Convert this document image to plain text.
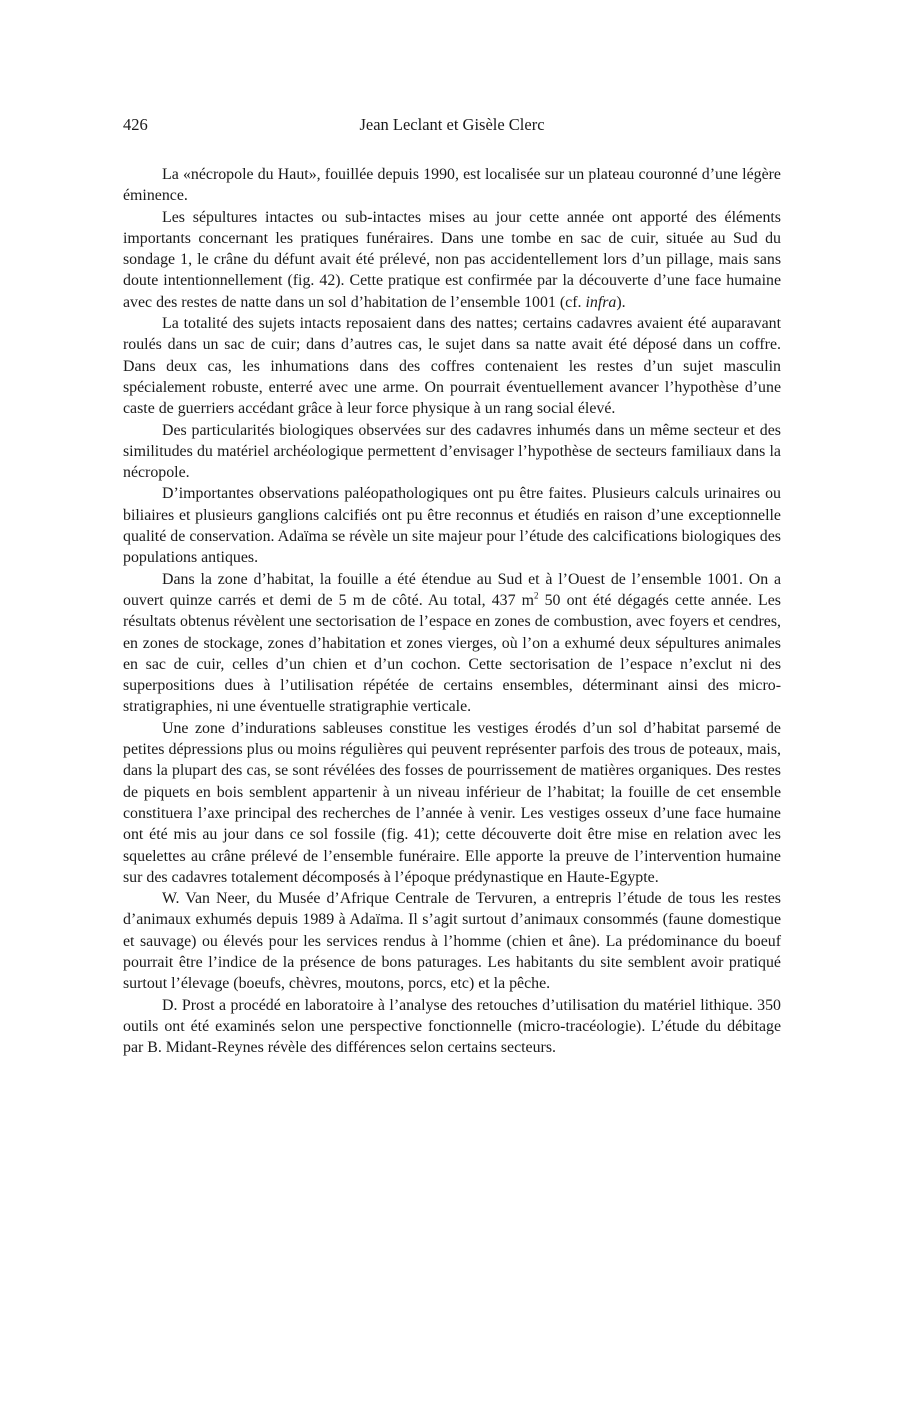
426	Jean Leclant et Gisèle Clerc

La «nécropole du Haut», fouillée depuis 1990, est localisée sur un plateau couronné d’une légère éminence.

Les sépultures intactes ou sub-intactes mises au jour cette année ont apporté des éléments importants concernant les pratiques funéraires. Dans une tombe en sac de cuir, située au Sud du sondage 1, le crâne du défunt avait été prélevé, non pas accidentellement lors d’un pillage, mais sans doute intentionnellement (fig. 42). Cette pratique est confirmée par la découverte d’une face humaine avec des restes de natte dans un sol d’habitation de l’ensemble 1001 (cf. infra).

La totalité des sujets intacts reposaient dans des nattes; certains cadavres avaient été auparavant roulés dans un sac de cuir; dans d’autres cas, le sujet dans sa natte avait été déposé dans un coffre. Dans deux cas, les inhumations dans des coffres contenaient les restes d’un sujet masculin spécialement robuste, enterré avec une arme. On pourrait éventuellement avancer l’hypothèse d’une caste de guerriers accédant grâce à leur force physique à un rang social élevé.

Des particularités biologiques observées sur des cadavres inhumés dans un même secteur et des similitudes du matériel archéologique permettent d’envisager l’hypothèse de secteurs familiaux dans la nécropole.

D’importantes observations paléopathologiques ont pu être faites. Plusieurs calculs urinaires ou biliaires et plusieurs ganglions calcifiés ont pu être reconnus et étudiés en raison d’une exceptionnelle qualité de conservation. Adaïma se révèle un site majeur pour l’étude des calcifications biologiques des populations antiques.

Dans la zone d’habitat, la fouille a été étendue au Sud et à l’Ouest de l’ensemble 1001. On a ouvert quinze carrés et demi de 5 m de côté. Au total, 437 $m^2$ 50 ont été dégagés cette année. Les résultats obtenus révèlent une sectorisation de l’espace en zones de combustion, avec foyers et cendres, en zones de stockage, zones d’habitation et zones vierges, où l’on a exhumé deux sépultures animales en sac de cuir, celles d’un chien et d’un cochon. Cette sectorisation de l’espace n’exclut ni des superpositions dues à l’utilisation répétée de certains ensembles, déterminant ainsi des micro-stratigraphies, ni une éventuelle stratigraphie verticale.

Une zone d’indurations sableuses constitue les vestiges érodés d’un sol d’habitat parsemé de petites dépressions plus ou moins régulières qui peuvent représenter parfois des trous de poteaux, mais, dans la plupart des cas, se sont révélées des fosses de pourrissement de matières organiques. Des restes de piquets en bois semblent appartenir à un niveau inférieur de l’habitat; la fouille de cet ensemble constituera l’axe principal des recherches de l’année à venir. Les vestiges osseux d’une face humaine ont été mis au jour dans ce sol fossile (fig. 41); cette découverte doit être mise en relation avec les squelettes au crâne prélevé de l’ensemble funéraire. Elle apporte la preuve de l’intervention humaine sur des cadavres totalement décomposés à l’époque prédynastique en Haute-Egypte.

W. Van Neer, du Musée d’Afrique Centrale de Tervuren, a entrepris l’étude de tous les restes d’animaux exhumés depuis 1989 à Adaïma. Il s’agit surtout d’animaux consommés (faune domestique et sauvage) ou élevés pour les services rendus à l’homme (chien et âne). La prédominance du boeuf pourrait être l’indice de la présence de bons paturages. Les habitants du site semblent avoir pratiqué surtout l’élevage (boeufs, chèvres, moutons, porcs, etc) et la pêche.

D. Prost a procédé en laboratoire à l’analyse des retouches d’utilisation du matériel lithique. 350 outils ont été examinés selon une perspective fonctionnelle (micro-tracéologie). L’étude du débitage par B. Midant-Reynes révèle des différences selon certains secteurs.
